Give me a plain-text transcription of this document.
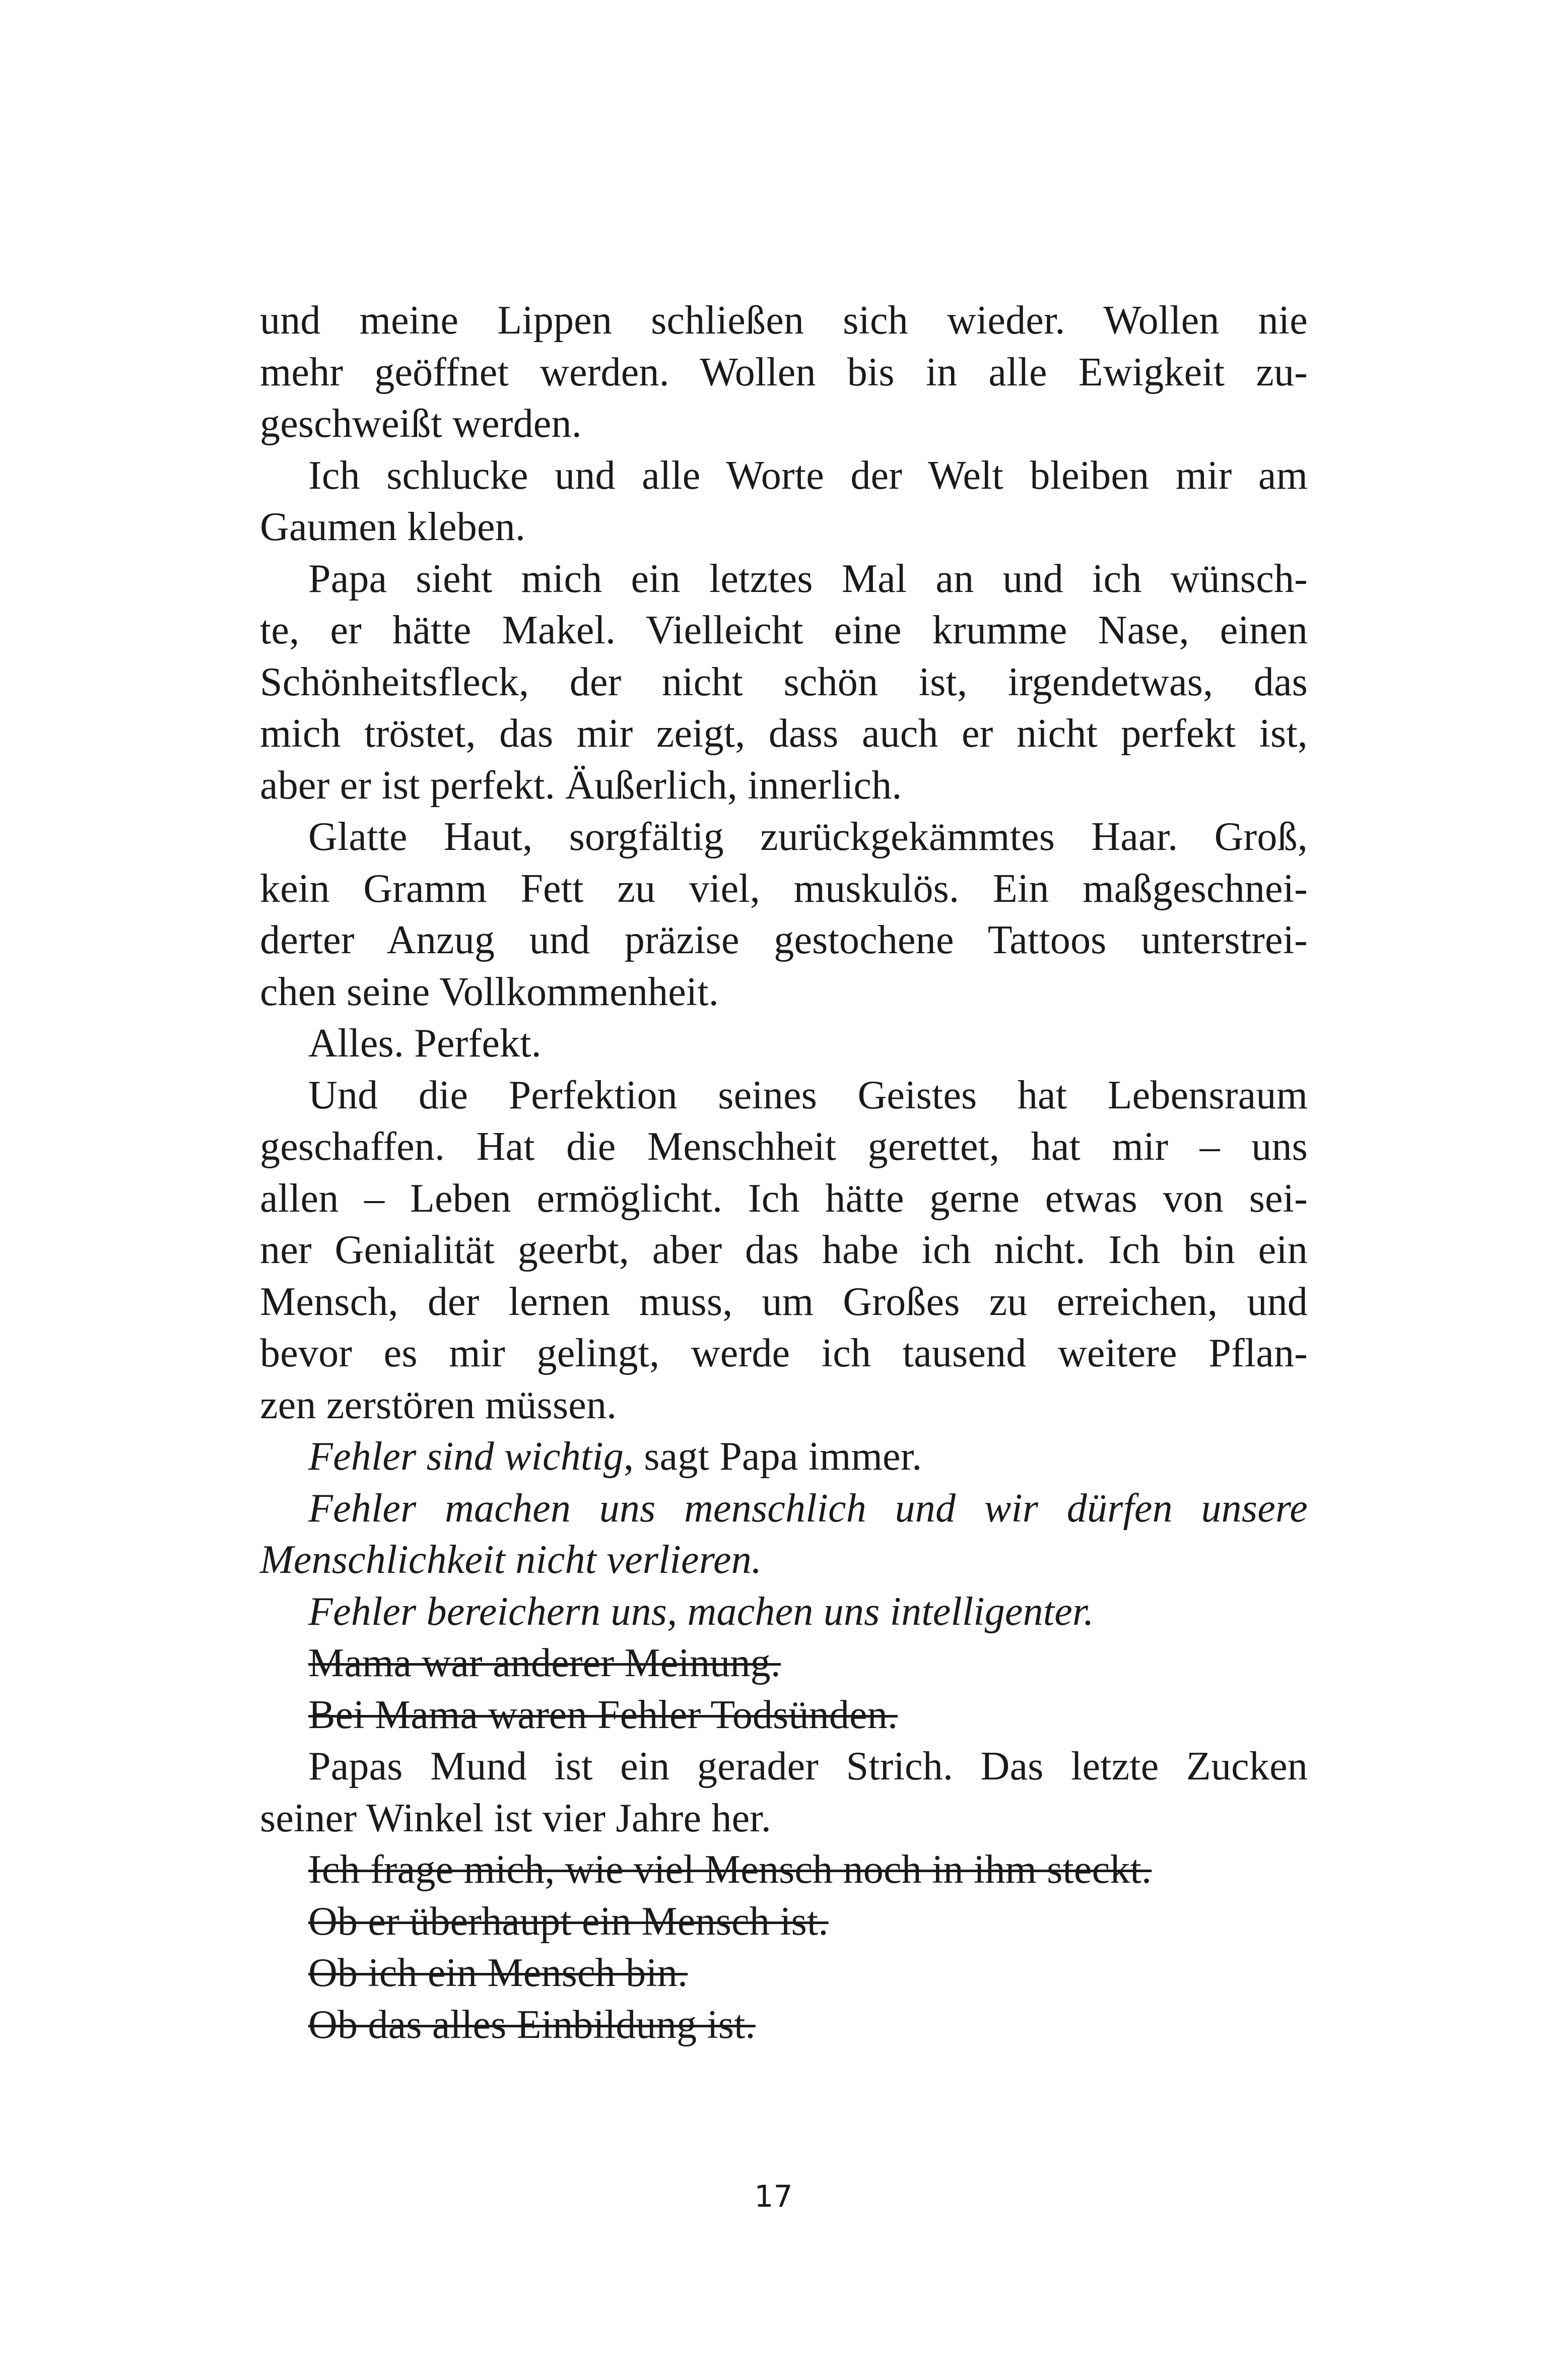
und meine Lippen schließen sich wieder. Wollen nie
mehr geöffnet werden. Wollen bis in alle Ewigkeit zu-
geschweißt werden.
Ich schlucke und alle Worte der Welt bleiben mir am
Gaumen kleben.
Papa sieht mich ein letztes Mal an und ich wünsch-
te, er hätte Makel. Vielleicht eine krumme Nase, einen
Schönheitsfleck, der nicht schön ist, irgendetwas, das
mich tröstet, das mir zeigt, dass auch er nicht perfekt ist,
aber er ist perfekt. Äußerlich, innerlich.
Glatte Haut, sorgfältig zurückgekämmtes Haar. Groß,
kein Gramm Fett zu viel, muskulös. Ein maßgeschnei-
derter Anzug und präzise gestochene Tattoos unterstrei-
chen seine Vollkommenheit.
Alles. Perfekt.
Und die Perfektion seines Geistes hat Lebensraum
geschaffen. Hat die Menschheit gerettet, hat mir – uns
allen – Leben ermöglicht. Ich hätte gerne etwas von sei-
ner Genialität geerbt, aber das habe ich nicht. Ich bin ein
Mensch, der lernen muss, um Großes zu erreichen, und
bevor es mir gelingt, werde ich tausend weitere Pflan-
zen zerstören müssen.
Fehler sind wichtig, sagt Papa immer.
Fehler machen uns menschlich und wir dürfen unsere
Menschlichkeit nicht verlieren.
Fehler bereichern uns, machen uns intelligenter.
Mama war anderer Meinung.
Bei Mama waren Fehler Todsünden.
Papas Mund ist ein gerader Strich. Das letzte Zucken
seiner Winkel ist vier Jahre her.
Ich frage mich, wie viel Mensch noch in ihm steckt.
Ob er überhaupt ein Mensch ist.
Ob ich ein Mensch bin.
Ob das alles Einbildung ist.
17
